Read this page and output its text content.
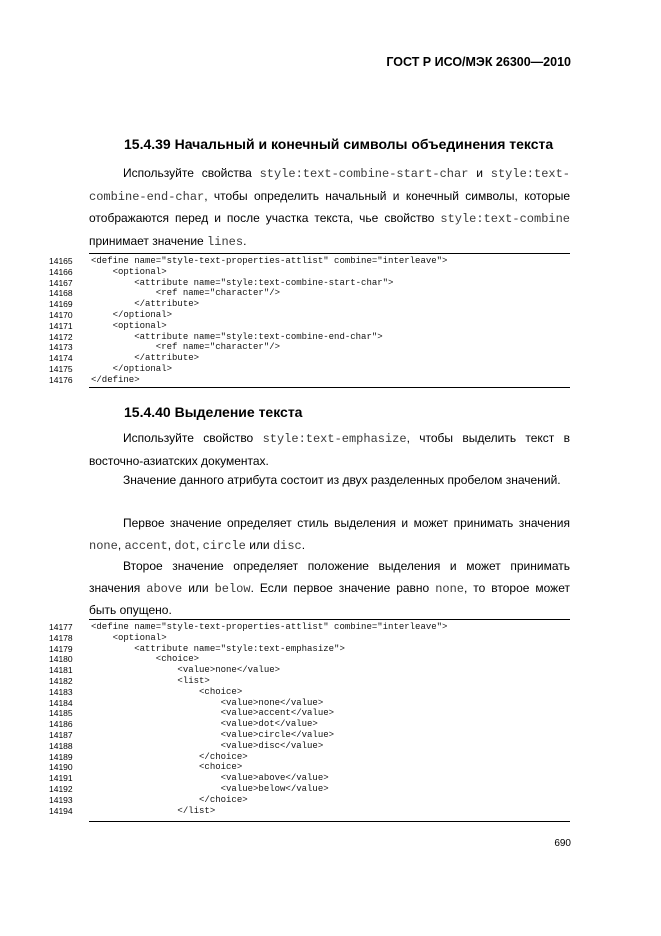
ГОСТ Р ИСО/МЭК 26300—2010
15.4.39 Начальный и конечный символы объединения текста
Используйте свойства style:text-combine-start-char и style:text-combine-end-char, чтобы определить начальный и конечный символы, которые отображаются перед и после участка текста, чье свойство style:text-combine принимает значение lines.
14165	<define name="style-text-properties-attlist" combine="interleave">
14166	<optional>
14167	<attribute name="style:text-combine-start-char">
14168	<ref name="character"/>
14169	</attribute>
14170	</optional>
14171	<optional>
14172	<attribute name="style:text-combine-end-char">
14173	<ref name="character"/>
14174	</attribute>
14175	</optional>
14176	</define>
15.4.40 Выделение текста
Используйте свойство style:text-emphasize, чтобы выделить текст в восточно-азиатских документах.
Значение данного атрибута состоит из двух разделенных пробелом значений.
Первое значение определяет стиль выделения и может принимать значения none, accent, dot, circle или disc.
Второе значение определяет положение выделения и может принимать значения above или below. Если первое значение равно none, то второе может быть опущено.
14177	<define name="style-text-properties-attlist" combine="interleave">
14178	<optional>
14179	<attribute name="style:text-emphasize">
14180	<choice>
14181	<value>none</value>
14182	<list>
14183	<choice>
14184	<value>none</value>
14185	<value>accent</value>
14186	<value>dot</value>
14187	<value>circle</value>
14188	<value>disc</value>
14189	</choice>
14190	<choice>
14191	<value>above</value>
14192	<value>below</value>
14193	</choice>
14194	</list>
690
